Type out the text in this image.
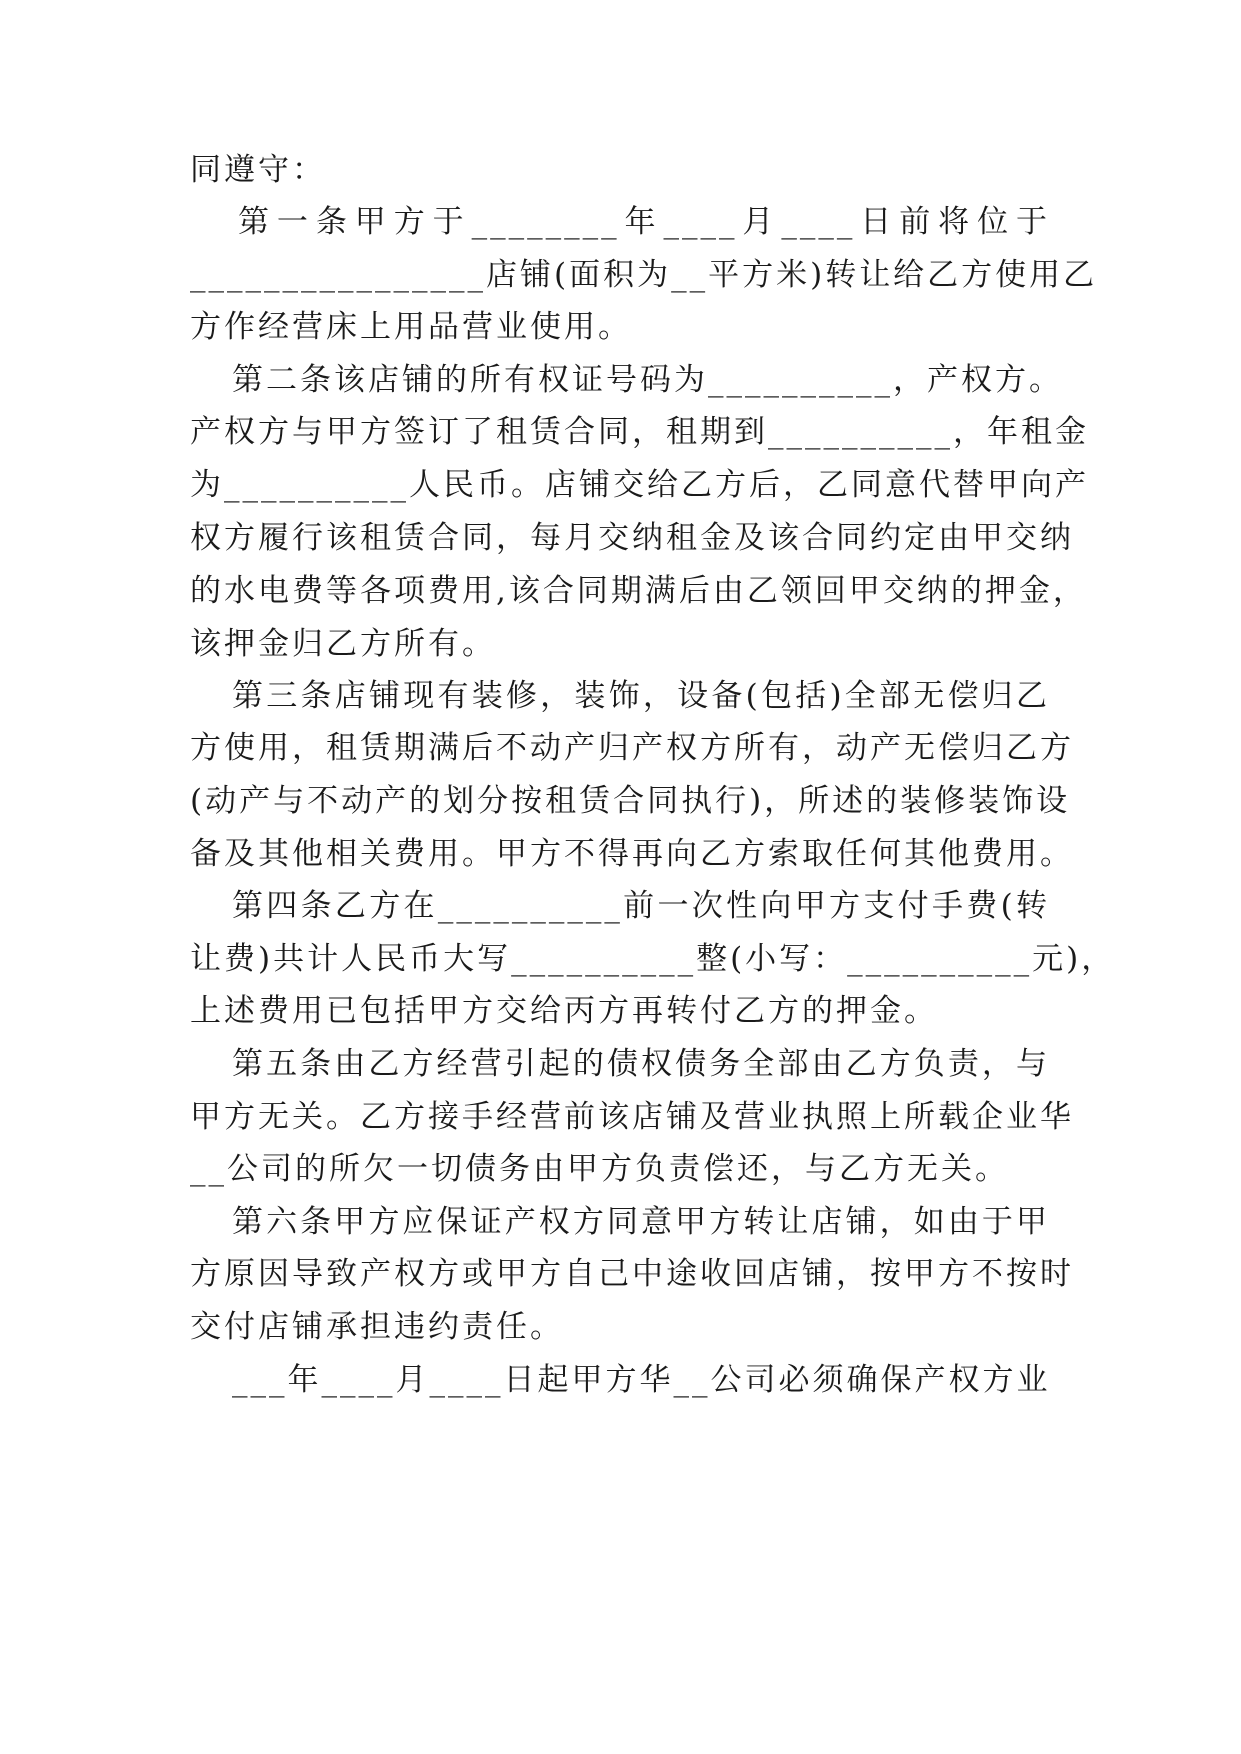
同遵守：
第一条甲方于________年____月____日前将位于
________________店铺(面积为__平方米)转让给乙方使用乙
方作经营床上用品营业使用。
第二条该店铺的所有权证号码为__________，产权方。
产权方与甲方签订了租赁合同，租期到__________，年租金
为__________人民币。店铺交给乙方后，乙同意代替甲向产
权方履行该租赁合同，每月交纳租金及该合同约定由甲交纳
的水电费等各项费用,该合同期满后由乙领回甲交纳的押金，
该押金归乙方所有。
第三条店铺现有装修，装饰，设备(包括)全部无偿归乙
方使用，租赁期满后不动产归产权方所有，动产无偿归乙方
(动产与不动产的划分按租赁合同执行)，所述的装修装饰设
备及其他相关费用。甲方不得再向乙方索取任何其他费用。
第四条乙方在__________前一次性向甲方支付手费(转
让费)共计人民币大写__________整(小写：__________元)，
上述费用已包括甲方交给丙方再转付乙方的押金。
第五条由乙方经营引起的债权债务全部由乙方负责，与
甲方无关。乙方接手经营前该店铺及营业执照上所载企业华
__公司的所欠一切债务由甲方负责偿还，与乙方无关。
第六条甲方应保证产权方同意甲方转让店铺，如由于甲
方原因导致产权方或甲方自己中途收回店铺，按甲方不按时
交付店铺承担违约责任。
___年____月____日起甲方华__公司必须确保产权方业
